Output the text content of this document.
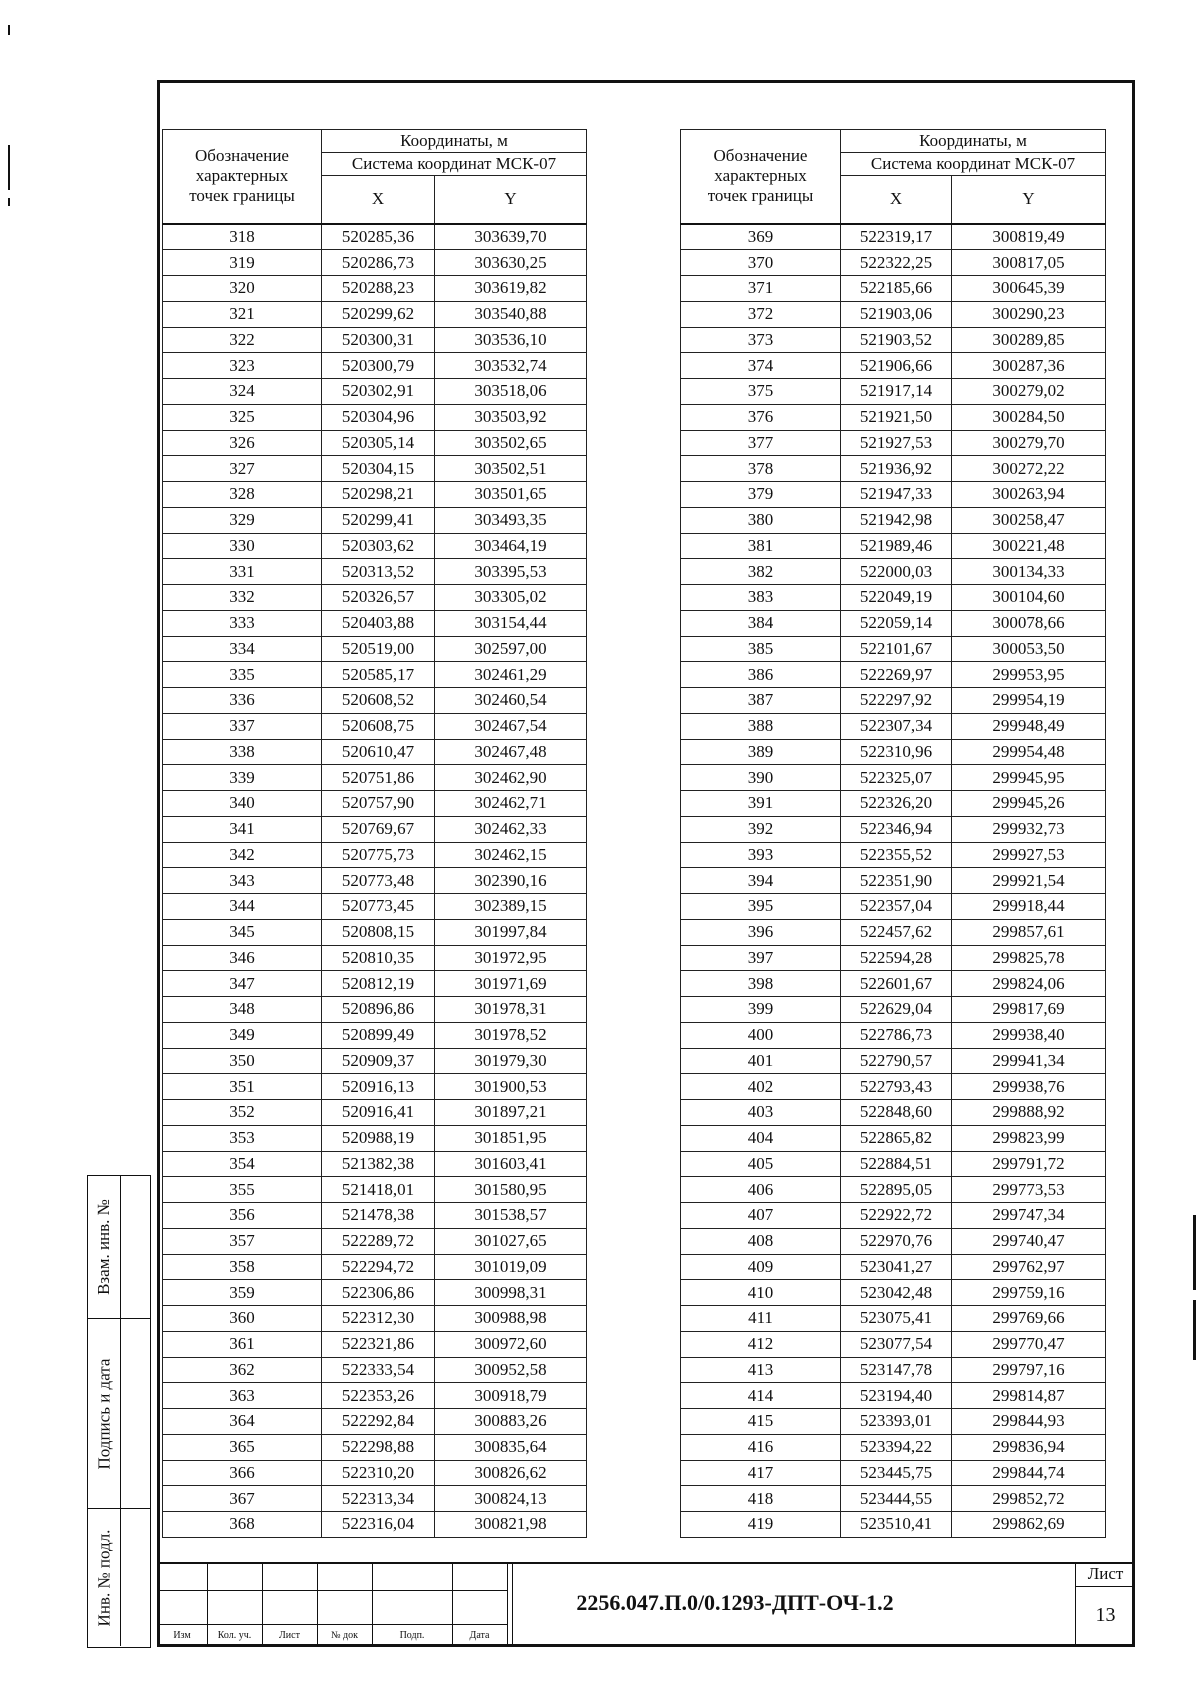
Обозначение характерных точек границы	Координаты, м	
	Система координат МСК-07	
	X	Y
318	520285,36	303639,70
319	520286,73	303630,25
320	520288,23	303619,82
321	520299,62	303540,88
322	520300,31	303536,10
323	520300,79	303532,74
324	520302,91	303518,06
325	520304,96	303503,92
326	520305,14	303502,65
327	520304,15	303502,51
328	520298,21	303501,65
329	520299,41	303493,35
330	520303,62	303464,19
331	520313,52	303395,53
332	520326,57	303305,02
333	520403,88	303154,44
334	520519,00	302597,00
335	520585,17	302461,29
336	520608,52	302460,54
337	520608,75	302467,54
338	520610,47	302467,48
339	520751,86	302462,90
340	520757,90	302462,71
341	520769,67	302462,33
342	520775,73	302462,15
343	520773,48	302390,16
344	520773,45	302389,15
345	520808,15	301997,84
346	520810,35	301972,95
347	520812,19	301971,69
348	520896,86	301978,31
349	520899,49	301978,52
350	520909,37	301979,30
351	520916,13	301900,53
352	520916,41	301897,21
353	520988,19	301851,95
354	521382,38	301603,41
355	521418,01	301580,95
356	521478,38	301538,57
357	522289,72	301027,65
358	522294,72	301019,09
359	522306,86	300998,31
360	522312,30	300988,98
361	522321,86	300972,60
362	522333,54	300952,58
363	522353,26	300918,79
364	522292,84	300883,26
365	522298,88	300835,64
366	522310,20	300826,62
367	522313,34	300824,13
368	522316,04	300821,98
Обозначение характерных точек границы	Координаты, м	
	Система координат МСК-07	
	X	Y
369	522319,17	300819,49
370	522322,25	300817,05
371	522185,66	300645,39
372	521903,06	300290,23
373	521903,52	300289,85
374	521906,66	300287,36
375	521917,14	300279,02
376	521921,50	300284,50
377	521927,53	300279,70
378	521936,92	300272,22
379	521947,33	300263,94
380	521942,98	300258,47
381	521989,46	300221,48
382	522000,03	300134,33
383	522049,19	300104,60
384	522059,14	300078,66
385	522101,67	300053,50
386	522269,97	299953,95
387	522297,92	299954,19
388	522307,34	299948,49
389	522310,96	299954,48
390	522325,07	299945,95
391	522326,20	299945,26
392	522346,94	299932,73
393	522355,52	299927,53
394	522351,90	299921,54
395	522357,04	299918,44
396	522457,62	299857,61
397	522594,28	299825,78
398	522601,67	299824,06
399	522629,04	299817,69
400	522786,73	299938,40
401	522790,57	299941,34
402	522793,43	299938,76
403	522848,60	299888,92
404	522865,82	299823,99
405	522884,51	299791,72
406	522895,05	299773,53
407	522922,72	299747,34
408	522970,76	299740,47
409	523041,27	299762,97
410	523042,48	299759,16
411	523075,41	299769,66
412	523077,54	299770,47
413	523147,78	299797,16
414	523194,40	299814,87
415	523393,01	299844,93
416	523394,22	299836,94
417	523445,75	299844,74
418	523444,55	299852,72
419	523510,41	299862,69
Взам. инв. №
Подпись и дата
Инв. № подл.
Изм	Кол. уч.	Лист	№ док	Подп.	Дата
2256.047.П.0/0.1293-ДПТ-ОЧ-1.2
Лист
13
